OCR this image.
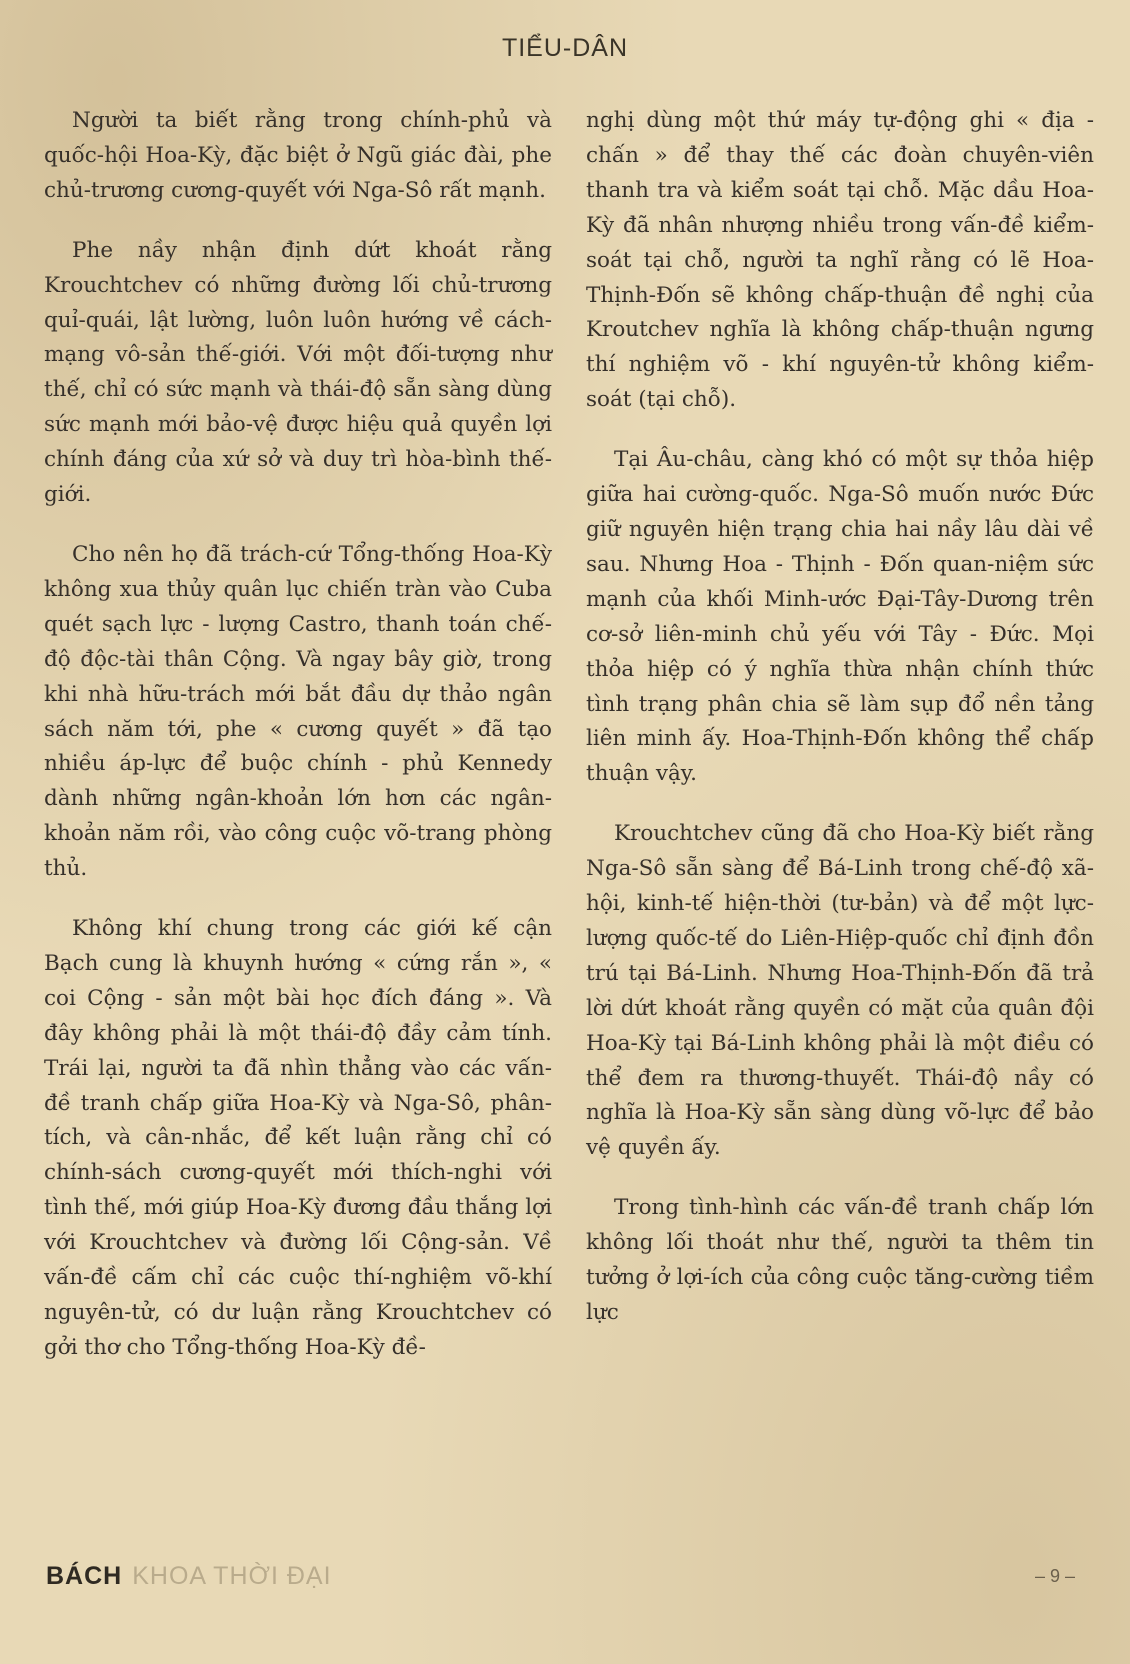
TIỂU-DÂN

Người ta biết rằng trong chính-phủ và quốc-hội Hoa-Kỳ, đặc biệt ở Ngũ giác đài, phe chủ-trương cương-quyết với Nga-Sô rất mạnh.

Phe nầy nhận định dứt khoát rằng Krouchtchev có những đường lối chủ-trương quỉ-quái, lật lường, luôn luôn hướng về cách-mạng vô-sản thế-giới. Với một đối-tượng như thế, chỉ có sức mạnh và thái-độ sẵn sàng dùng sức mạnh mới bảo-vệ được hiệu quả quyền lợi chính đáng của xứ sở và duy trì hòa-bình thế-giới.

Cho nên họ đã trách-cứ Tổng-thống Hoa-Kỳ không xua thủy quân lục chiến tràn vào Cuba quét sạch lực - lượng Castro, thanh toán chế-độ độc-tài thân Cộng. Và ngay bây giờ, trong khi nhà hữu-trách mới bắt đầu dự thảo ngân sách năm tới, phe « cương quyết » đã tạo nhiều áp-lực để buộc chính - phủ Kennedy dành những ngân-khoản lớn hơn các ngân-khoản năm rồi, vào công cuộc võ-trang phòng thủ.

Không khí chung trong các giới kế cận Bạch cung là khuynh hướng « cứng rắn », « coi Cộng - sản một bài học đích đáng ». Và đây không phải là một thái-độ đầy cảm tính. Trái lại, người ta đã nhìn thẳng vào các vấn-đề tranh chấp giữa Hoa-Kỳ và Nga-Sô, phân-tích, và cân-nhắc, để kết luận rằng chỉ có chính-sách cương-quyết mới thích-nghi với tình thế, mới giúp Hoa-Kỳ đương đầu thắng lợi với Krouchtchev và đường lối Cộng-sản. Về vấn-đề cấm chỉ các cuộc thí-nghiệm võ-khí nguyên-tử, có dư luận rằng Krouchtchev có gởi thơ cho Tổng-thống Hoa-Kỳ đề-

nghị dùng một thứ máy tự-động ghi « địa - chấn » để thay thế các đoàn chuyên-viên thanh tra và kiểm soát tại chỗ. Mặc dầu Hoa-Kỳ đã nhân nhượng nhiều trong vấn-đề kiểm-soát tại chỗ, người ta nghĩ rằng có lẽ Hoa-Thịnh-Đốn sẽ không chấp-thuận đề nghị của Kroutchev nghĩa là không chấp-thuận ngưng thí nghiệm võ - khí nguyên-tử không kiểm-soát (tại chỗ).

Tại Âu-châu, càng khó có một sự thỏa hiệp giữa hai cường-quốc. Nga-Sô muốn nước Đức giữ nguyên hiện trạng chia hai nầy lâu dài về sau. Nhưng Hoa - Thịnh - Đốn quan-niệm sức mạnh của khối Minh-ước Đại-Tây-Dương trên cơ-sở liên-minh chủ yếu với Tây - Đức. Mọi thỏa hiệp có ý nghĩa thừa nhận chính thức tình trạng phân chia sẽ làm sụp đổ nền tảng liên minh ấy. Hoa-Thịnh-Đốn không thể chấp thuận vậy.

Krouchtchev cũng đã cho Hoa-Kỳ biết rằng Nga-Sô sẵn sàng để Bá-Linh trong chế-độ xã-hội, kinh-tế hiện-thời (tư-bản) và để một lực-lượng quốc-tế do Liên-Hiệp-quốc chỉ định đồn trú tại Bá-Linh. Nhưng Hoa-Thịnh-Đốn đã trả lời dứt khoát rằng quyền có mặt của quân đội Hoa-Kỳ tại Bá-Linh không phải là một điều có thể đem ra thương-thuyết. Thái-độ nầy có nghĩa là Hoa-Kỳ sẵn sàng dùng võ-lực để bảo vệ quyền ấy.

Trong tình-hình các vấn-đề tranh chấp lớn không lối thoát như thế, người ta thêm tin tưởng ở lợi-ích của công cuộc tăng-cường tiềm lực

BÁCH KHOA THỜI ĐẠI	– 9 –
